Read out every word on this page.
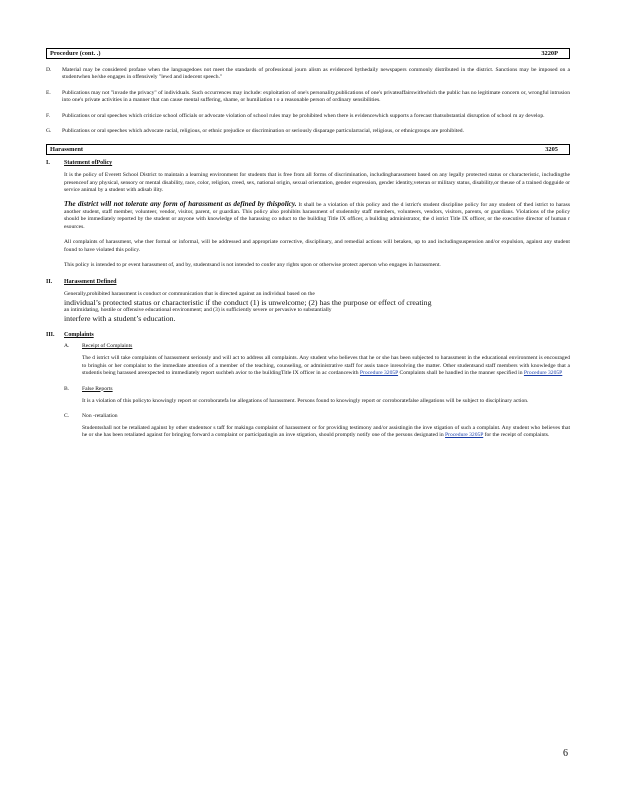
Procedure (cont. .)	3220P
D.	Material may be considered profane when the languagedoes not meet the standards of professional journ alism as evidenced bythedaily newspapers commonly distributed in the district. Sanctions may be imposed on a studentwhen he/she engages in offensively "lewd and indecent speech."

E.	Publications may not "invade the privacy" of individuals. Such occurrences may include: exploitation of one's personality,publications of one's privateaffairswithwhich the public has no legitimate concern or, wrongful intrusion into one's private activities in a manner that can cause mental suffering, shame, or humiliation t o a reasonable person of ordinary sensibilities.

F.	Publications or oral speeches which criticize school officials or advocate violation of school rules may be prohibited when there is evidencewhich supports a forecast thatsubstantial disruption of school m ay develop.

G.	Publications or oral speeches which advocate racial, religious, or ethnic prejudice or discrimination or seriously disparage particularracial, religious, or ethnicgroups are prohibited.

Harassment	3205
I.	Statement ofPolicy

It is the policy of Everett School District to maintain a learning environment for students that is free from all forms of discrimination, includingharassment based on any legally protected status or characteristic, includingthe presenceof any physical, sensory or mental disability, race, color, religion, creed, sex, national origin, sexual orientation, gender expression, gender identity,veteran or military status, disability,or theuse of a trained dogguide or service animal by a student with adisab ility.

The district will not tolerate any form of harassment as defined by thispolicy. It shall be a violation of this policy and the d istrict's student discipline policy for any student of thed istrict to harass another student, staff member, volunteer, vendor, visitor, parent, or guardian. This policy also prohibits harassment of studentsby staff members, volunteers, vendors, visitors, parents, or guardians. Violations of the policy should be immediately reported by the student or anyone with knowledge of the harassing co nduct to the building Title IX officer, a building administrator, the d istrict Title IX officer, or the executive director of human r esources.

All complaints of harassment, whe ther formal or informal, will be addressed and appropriate corrective, disciplinary, and remedial actions will betaken, up to and includingsuspension and/or expulsion, against any student found to have violated this policy.

This policy is intended to pr event harassment of, and by, studentsand is not intended to confer any rights upon or otherwise protect aperson who engages in harassment.

II.	Harassment Defined

Generally,prohibited harassment is conduct or communication that is directed against an individual based on the

individual’s protected status or characteristic if the conduct (1) is unwelcome; (2) has the purpose or effect of creating

an intimidating, hostile or offensive educational environment; and (3) is sufficiently severe or pervasive to substantially

interfere with a student’s education.

III.	Complaints
A.	Receipt of Complaints

The d istrict will take complaints of harassment seriously and will act to address all complaints. Any student who believes that he or she has been subjected to harassment in the educational environment is encouraged to bringhis or her complaint to the immediate attention of a member of the teaching, counseling, or administrative staff for assis tance inresolving the matter. Other studentsand staff members with knowledge that a studentis being harassed areexpected to immediately report suchbeh avior to the buildingTitle IX officer in ac cordancewith Procedure 3205P Complaints shall be handled in the manner specified in Procedure 3205P

B.	False Reports

It is a violation of this policyto knowingly report or corroboratefa lse allegations of harassment. Persons found to knowingly report or corroboratefalse allegations will be subject to disciplinary action.

C.	Non -retaliation

Studentsshall not be retaliated against by other studentsor s taff for makinga complaint of harassment or for providing testimony and/or assistingin the inve stigation of such a complaint. Any student who believes that he or she has been retaliated against for bringing forward a complaint or participatingin an inve stigation, should promptly notify one of the persons designated in Procedure 3205P for the receipt of complaints.

6
